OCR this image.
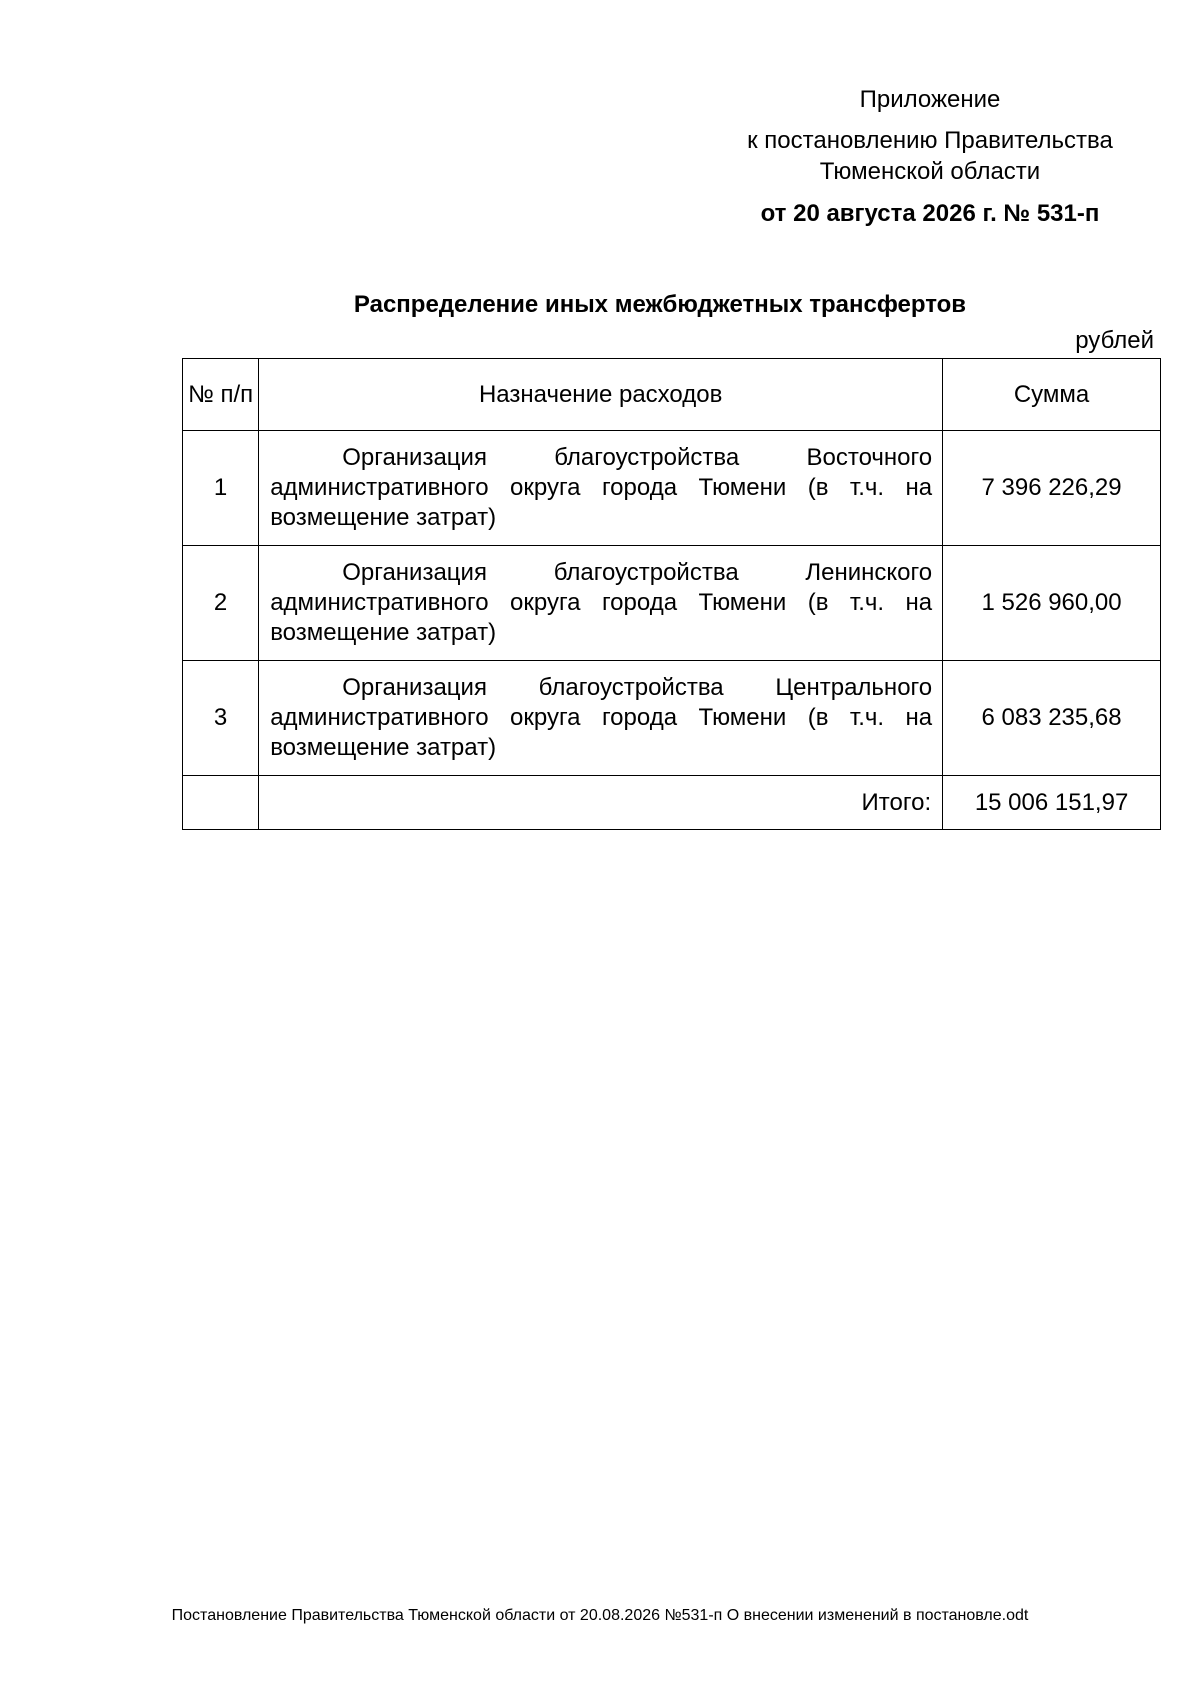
Приложение
к постановлению Правительства
Тюменской области
от 20 августа 2026 г. № 531-п
Распределение иных межбюджетных трансфертов
рублей
№ п/п	Назначение расходов	Сумма
1	Организация благоустройства Восточного административного округа города Тюмени (в т.ч. на возмещение затрат)	7 396 226,29
2	Организация благоустройства Ленинского административного округа города Тюмени (в т.ч. на возмещение затрат)	1 526 960,00
3	Организация благоустройства Центрального административного округа города Тюмени (в т.ч. на возмещение затрат)	6 083 235,68
	Итого:	15 006 151,97
Постановление Правительства Тюменской области от 20.08.2026 №531-п О внесении изменений в постановле.odt
